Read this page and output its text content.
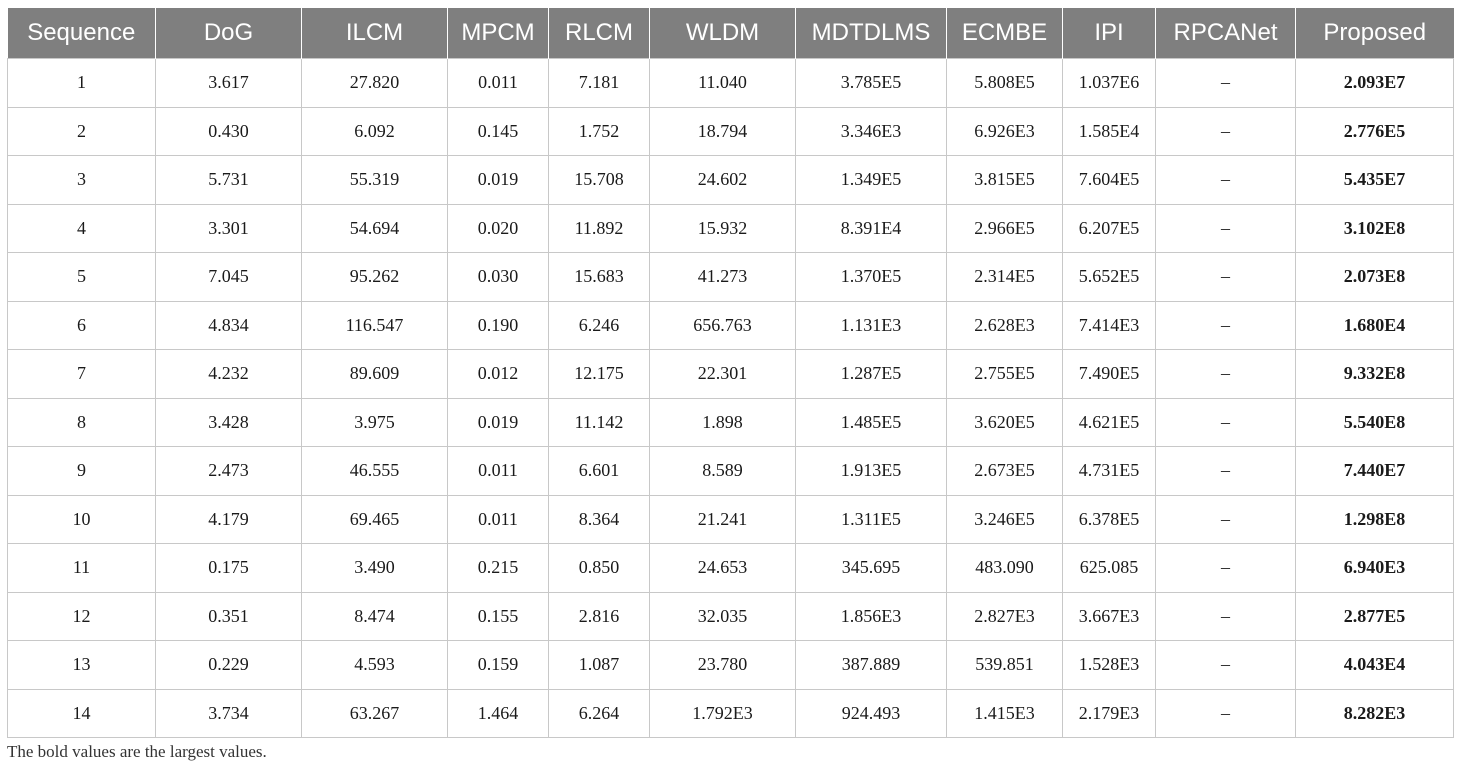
Sequence	DoG	ILCM	MPCM	RLCM	WLDM	MDTDLMS	ECMBE	IPI	RPCANet	Proposed
1	3.617	27.820	0.011	7.181	11.040	3.785E5	5.808E5	1.037E6	–	2.093E7
2	0.430	6.092	0.145	1.752	18.794	3.346E3	6.926E3	1.585E4	–	2.776E5
3	5.731	55.319	0.019	15.708	24.602	1.349E5	3.815E5	7.604E5	–	5.435E7
4	3.301	54.694	0.020	11.892	15.932	8.391E4	2.966E5	6.207E5	–	3.102E8
5	7.045	95.262	0.030	15.683	41.273	1.370E5	2.314E5	5.652E5	–	2.073E8
6	4.834	116.547	0.190	6.246	656.763	1.131E3	2.628E3	7.414E3	–	1.680E4
7	4.232	89.609	0.012	12.175	22.301	1.287E5	2.755E5	7.490E5	–	9.332E8
8	3.428	3.975	0.019	11.142	1.898	1.485E5	3.620E5	4.621E5	–	5.540E8
9	2.473	46.555	0.011	6.601	8.589	1.913E5	2.673E5	4.731E5	–	7.440E7
10	4.179	69.465	0.011	8.364	21.241	1.311E5	3.246E5	6.378E5	–	1.298E8
11	0.175	3.490	0.215	0.850	24.653	345.695	483.090	625.085	–	6.940E3
12	0.351	8.474	0.155	2.816	32.035	1.856E3	2.827E3	3.667E3	–	2.877E5
13	0.229	4.593	0.159	1.087	23.780	387.889	539.851	1.528E3	–	4.043E4
14	3.734	63.267	1.464	6.264	1.792E3	924.493	1.415E3	2.179E3	–	8.282E3
The bold values are the largest values.
